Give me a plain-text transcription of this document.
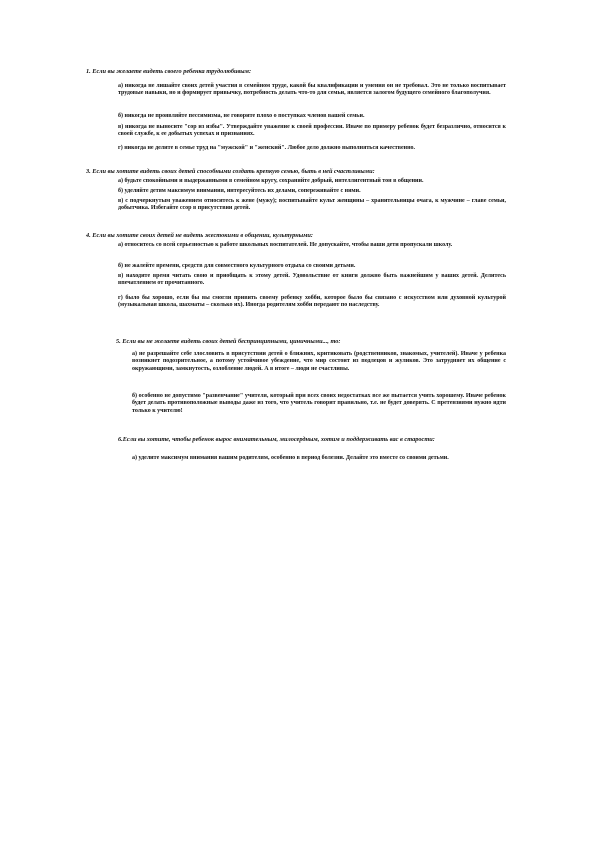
1. Если вы желаете видеть своего ребенка трудолюбивым:

а) никогда не лишайте своих детей участия в семейном труде, какой бы квалификации и умения он не требовал. Это не только воспитывает трудовые навыки, но и формирует привычку, потребность делать что-то для семьи, является залогом будущего семейного благополучия.

б) никогда не проявляйте пессимизма, не говорите плохо о поступках членов вашей семьи.

в) никогда не выносите "сор из избы". Утверждайте уважение к своей профессии. Иначе по примеру ребенок будет безразлично, относится к своей службе, к ее добытых успехах и признаниях.

г) никогда не делите в семье труд на "мужской" и "женский". Любое дело должно выполняться качественно.

3. Если вы хотите видеть своих детей способными создать крепкую семью, быть в ней счастливыми:

а) будьте спокойными и выдержанными в семейном кругу, сохраняйте добрый, интеллигентный тон в общении.

б) уделяйте детям максимум внимания, интересуйтесь их делами, сопереживайте с ними.

в) с подчеркнутым уважением относитесь к жене (мужу); воспитывайте культ женщины – хранительницы очага, к мужчине – главе семьи, добытчика. Избегайте ссор в присутствии детей.

4. Если вы хотите своих детей не видеть жестокими в общении, культурными:

а) относитесь со всей серьезностью к работе школьных воспитателей. Не допускайте, чтобы ваши дети пропускали школу.

б) не жалейте времени, средств для совместного культурного отдыха со своими детьми.

в) находите время читать свою и приобщать к этому детей. Удовольствие от книги должно быть важнейшим у ваших детей. Делитесь впечатлением от прочитанного.

г) было бы хорошо, если бы вы смогли привить своему ребенку хобби, которое было бы связано с искусством или духовной культурой (музыкальная школа, шахматы – сколько их). Иногда родителям хобби передают по наследству.

5. Если вы не желаете видеть своих детей беспринципными, циничными..., то:

а) не разрешайте себе злословить в присутствии детей о ближних, критиковать (родственников, знакомых, учителей). Иначе у ребенка возникнет подозрительное, а потому устойчивое убеждение, что мир состоит из подлецов и жуликов. Это затрудняет их общение с окружающими, замкнутость, озлобление людей. А в итоге – люди не счастливы.

б) особенно не допустимо "развенчание" учителя, который при всех своих недостатках все же пытается учить хорошему. Иначе ребенок будет делать противоположные выводы даже из того, что учитель говорит правильно, т.е. не будет доверять. С претензиями нужно идти только к учителю!

6.Если вы хотите, чтобы ребенок вырос внимательным, милосердным, хотим и поддерживать вас в старости:

а) уделите максимум внимания вашим родителям, особенно в период болезни. Делайте это вместе со своими детьми.
